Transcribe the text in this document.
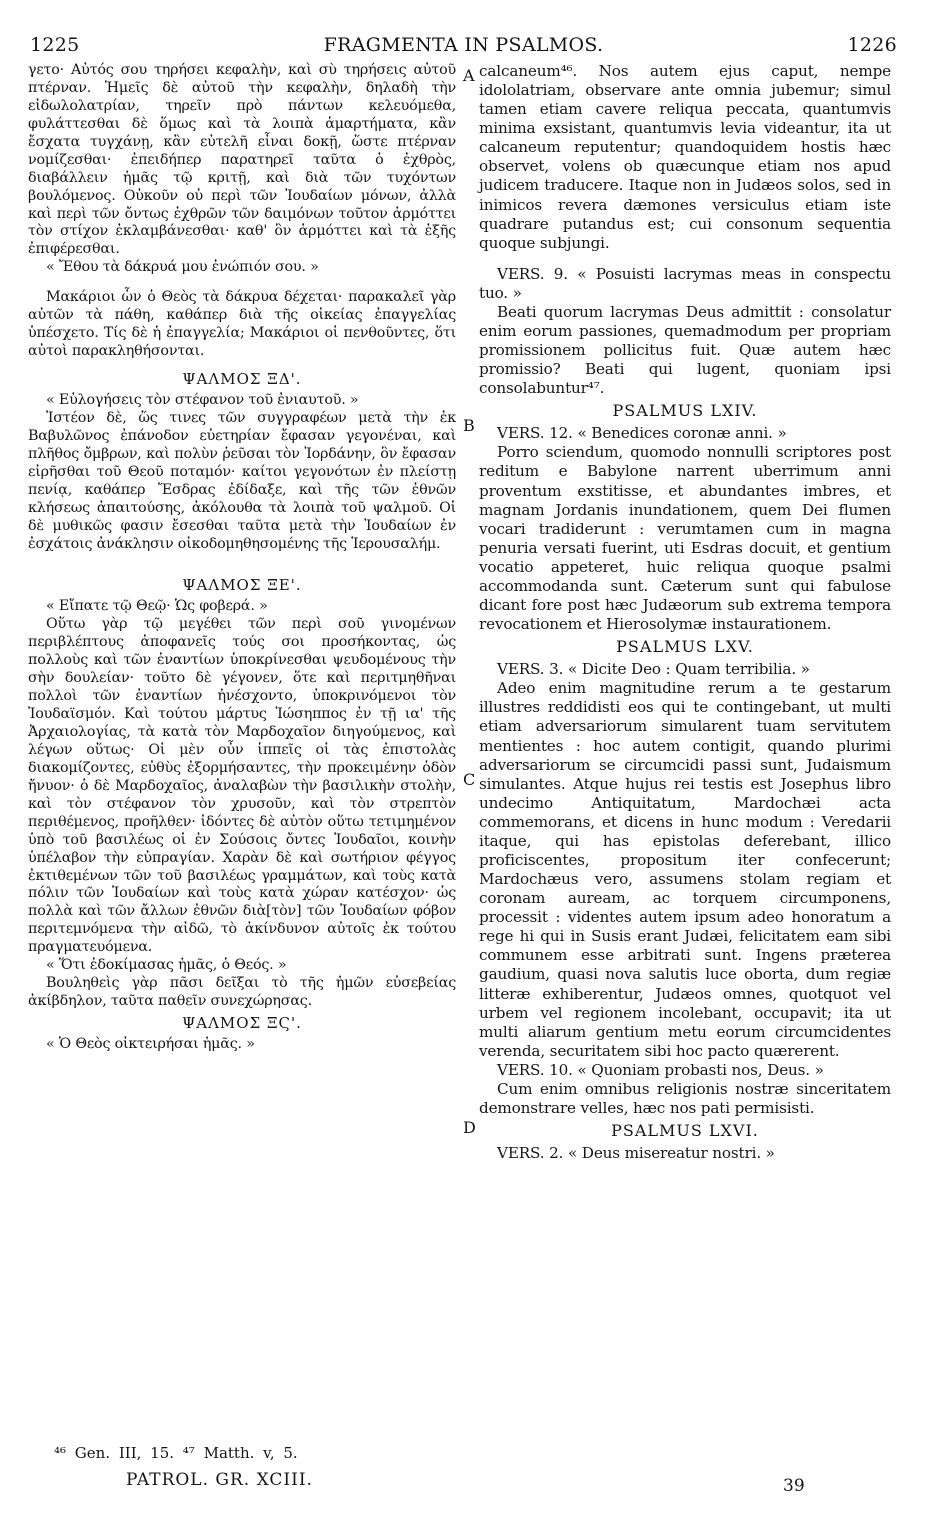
1225	FRAGMENTA IN PSALMOS.	1226
A
B
C
D

γετο· Αὐτός σου τηρήσει κεφαλὴν, καὶ σὺ τηρήσεις αὐτοῦ πτέρναν. Ἡμεῖς δὲ αὐτοῦ τὴν κεφαλὴν, δηλαδὴ τὴν εἰδωλολατρίαν, τηρεῖν πρὸ πάντων κελευόμεθα, φυλάττεσθαι δὲ ὅμως καὶ τὰ λοιπὰ ἁμαρτήματα, κἂν ἔσχατα τυγχάνῃ, κἂν εὐτελῆ εἶναι δοκῇ, ὥστε πτέρναν νομίζεσθαι· ἐπειδήπερ παρατηρεῖ ταῦτα ὁ ἐχθρὸς, διαβάλλειν ἡμᾶς τῷ κριτῇ, καὶ διὰ τῶν τυχόντων βουλόμενος. Οὐκοῦν οὐ περὶ τῶν Ἰουδαίων μόνων, ἀλλὰ καὶ περὶ τῶν ὄντως ἐχθρῶν τῶν δαιμόνων τοῦτον ἁρμόττει τὸν στίχον ἐκλαμβάνεσθαι· καθ' ὃν ἁρμόττει καὶ τὰ ἑξῆς ἐπιφέρεσθαι.

« Ἔθου τὰ δάκρυά μου ἐνώπιόν σου. »

Μακάριοι ὧν ὁ Θεὸς τὰ δάκρυα δέχεται· παρακαλεῖ γὰρ αὐτῶν τὰ πάθη, καθάπερ διὰ τῆς οἰκείας ἐπαγγελίας ὑπέσχετο. Τίς δὲ ἡ ἐπαγγελία; Μακάριοι οἱ πενθοῦντες, ὅτι αὐτοὶ παρακληθήσονται.

ΨΑΛΜΟΣ ΞΔ'.

« Εὐλογήσεις τὸν στέφανον τοῦ ἐνιαυτοῦ. »

Ἰστέον δὲ, ὥς τινες τῶν συγγραφέων μετὰ τὴν ἐκ Βαβυλῶνος ἐπάνοδον εὐετηρίαν ἔφασαν γεγονέναι, καὶ πλῆθος ὄμβρων, καὶ πολὺν ῥεῦσαι τὸν Ἰορδάνην, ὃν ἔφασαν εἰρῆσθαι τοῦ Θεοῦ ποταμόν· καίτοι γεγονότων ἐν πλείστῃ πενίᾳ, καθάπερ Ἔσδρας ἐδίδαξε, καὶ τῆς τῶν ἐθνῶν κλήσεως ἀπαιτούσης, ἀκόλουθα τὰ λοιπὰ τοῦ ψαλμοῦ. Οἱ δὲ μυθικῶς φασιν ἔσεσθαι ταῦτα μετὰ τὴν Ἰουδαίων ἐν ἐσχάτοις ἀνάκλησιν οἰκοδομηθησομένης τῆς Ἱερουσαλήμ.

ΨΑΛΜΟΣ ΞΕ'.

« Εἴπατε τῷ Θεῷ· Ὡς φοβερά. »

Οὕτω γὰρ τῷ μεγέθει τῶν περὶ σοῦ γινομένων περιβλέπτους ἀποφανεῖς τούς σοι προσήκοντας, ὡς πολλοὺς καὶ τῶν ἐναντίων ὑποκρίνεσθαι ψευδομένους τὴν σὴν δουλείαν· τοῦτο δὲ γέγονεν, ὅτε καὶ περιτμηθῆναι πολλοὶ τῶν ἐναντίων ἠνέσχοντο, ὑποκρινόμενοι τὸν Ἰουδαϊσμόν. Καὶ τούτου μάρτυς Ἰώσηππος ἐν τῇ ια' τῆς Ἀρχαιολογίας, τὰ κατὰ τὸν Μαρδοχαῖον διηγούμενος, καὶ λέγων οὕτως· Οἱ μὲν οὖν ἱππεῖς οἱ τὰς ἐπιστολὰς διακομίζοντες, εὐθὺς ἐξορμήσαντες, τὴν προκειμένην ὁδὸν ἤνυον· ὁ δὲ Μαρδοχαῖος, ἀναλαβὼν τὴν βασιλικὴν στολὴν, καὶ τὸν στέφανον τὸν χρυσοῦν, καὶ τὸν στρεπτὸν περιθέμενος, προῆλθεν· ἰδόντες δὲ αὐτὸν οὕτω τετιμημένον ὑπὸ τοῦ βασιλέως οἱ ἐν Σούσοις ὄντες Ἰουδαῖοι, κοινὴν ὑπέλαβον τὴν εὐπραγίαν. Χαρὰν δὲ καὶ σωτήριον φέγγος ἐκτιθεμένων τῶν τοῦ βασιλέως γραμμάτων, καὶ τοὺς κατὰ πόλιν τῶν Ἰουδαίων καὶ τοὺς κατὰ χώραν κατέσχον· ὡς πολλὰ καὶ τῶν ἄλλων ἐθνῶν διὰ[τὸν] τῶν Ἰουδαίων φόβον περιτεμνόμενα τὴν αἰδῶ, τὸ ἀκίνδυνον αὐτοῖς ἐκ τούτου πραγματευόμενα.

« Ὅτι ἐδοκίμασας ἡμᾶς, ὁ Θεός. »

Βουληθεὶς γὰρ πᾶσι δεῖξαι τὸ τῆς ἡμῶν εὐσεβείας ἀκίβδηλον, ταῦτα παθεῖν συνεχώρησας.

ΨΑΛΜΟΣ ΞϚ'.

« Ὁ Θεὸς οἰκτειρήσαι ἡμᾶς. »

calcaneum⁴⁶. Nos autem ejus caput, nempe idololatriam, observare ante omnia jubemur; simul tamen etiam cavere reliqua peccata, quantumvis minima exsistant, quantumvis levia videantur, ita ut calcaneum reputentur; quandoquidem hostis hæc observet, volens ob quæcunque etiam nos apud judicem traducere. Itaque non in Judæos solos, sed in inimicos revera dæmones versiculus etiam iste quadrare putandus est; cui consonum sequentia quoque subjungi.

VERS. 9. « Posuisti lacrymas meas in conspectu tuo. »

Beati quorum lacrymas Deus admittit : consolatur enim eorum passiones, quemadmodum per propriam promissionem pollicitus fuit. Quæ autem hæc promissio? Beati qui lugent, quoniam ipsi consolabuntur⁴⁷.

PSALMUS LXIV.

VERS. 12. « Benedices coronæ anni. »

Porro sciendum, quomodo nonnulli scriptores post reditum e Babylone narrent uberrimum anni proventum exstitisse, et abundantes imbres, et magnam Jordanis inundationem, quem Dei flumen vocari tradiderunt : verumtamen cum in magna penuria versati fuerint, uti Esdras docuit, et gentium vocatio appeteret, huic reliqua quoque psalmi accommodanda sunt. Cæterum sunt qui fabulose dicant fore post hæc Judæorum sub extrema tempora revocationem et Hierosolymæ instaurationem.

PSALMUS LXV.

VERS. 3. « Dicite Deo : Quam terribilia. »

Adeo enim magnitudine rerum a te gestarum illustres reddidisti eos qui te contingebant, ut multi etiam adversariorum simularent tuam servitutem mentientes : hoc autem contigit, quando plurimi adversariorum se circumcidi passi sunt, Judaismum simulantes. Atque hujus rei testis est Josephus libro undecimo Antiquitatum, Mardochæi acta commemorans, et dicens in hunc modum : Veredarii itaque, qui has epistolas deferebant, illico proficiscentes, propositum iter confecerunt; Mardochæus vero, assumens stolam regiam et coronam auream, ac torquem circumponens, processit : videntes autem ipsum adeo honoratum a rege hi qui in Susis erant Judæi, felicitatem eam sibi communem esse arbitrati sunt. Ingens præterea gaudium, quasi nova salutis luce oborta, dum regiæ litteræ exhiberentur, Judæos omnes, quotquot vel urbem vel regionem incolebant, occupavit; ita ut multi aliarum gentium metu eorum circumcidentes verenda, securitatem sibi hoc pacto quærerent.

VERS. 10. « Quoniam probasti nos, Deus. »

Cum enim omnibus religionis nostræ sinceritatem demonstrare velles, hæc nos pati permisisti.

PSALMUS LXVI.

VERS. 2. « Deus misereatur nostri. »

⁴⁶ Gen. III, 15. ⁴⁷ Matth. v, 5.

PATROL. GR. XCIII.	39
